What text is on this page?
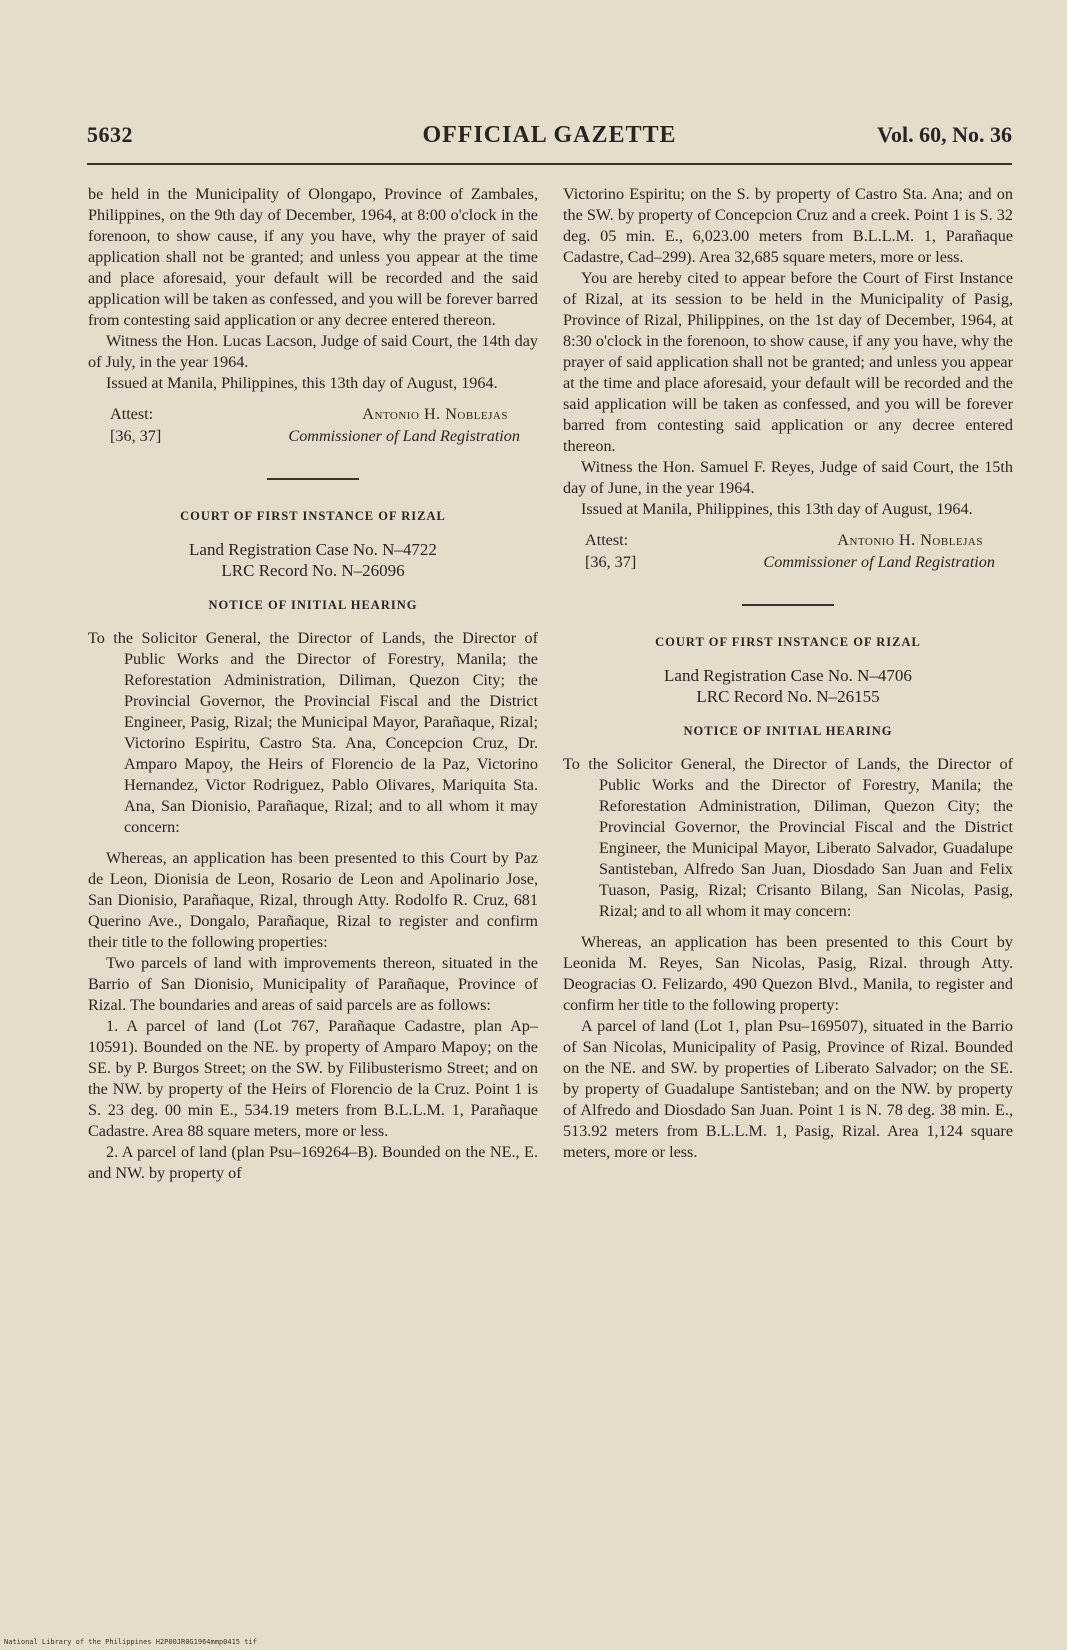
5632	OFFICIAL GAZETTE	Vol. 60, No. 36

be held in the Municipality of Olongapo, Province of Zambales, Philippines, on the 9th day of December, 1964, at 8:00 o'clock in the forenoon, to show cause, if any you have, why the prayer of said application shall not be granted; and unless you appear at the time and place aforesaid, your default will be recorded and the said application will be taken as confessed, and you will be forever barred from contesting said application or any decree entered thereon.

Witness the Hon. Lucas Lacson, Judge of said Court, the 14th day of July, in the year 1964.

Issued at Manila, Philippines, this 13th day of August, 1964.

Attest:	Antonio H. Noblejas
[36, 37]	Commissioner of Land Registration
COURT OF FIRST INSTANCE OF RIZAL
Land Registration Case No. N–4722
LRC Record No. N–26096
NOTICE OF INITIAL HEARING
To the Solicitor General, the Director of Lands, the Director of Public Works and the Director of Forestry, Manila; the Reforestation Administration, Diliman, Quezon City; the Provincial Governor, the Provincial Fiscal and the District Engineer, Pasig, Rizal; the Municipal Mayor, Parañaque, Rizal; Victorino Espiritu, Castro Sta. Ana, Concepcion Cruz, Dr. Amparo Mapoy, the Heirs of Florencio de la Paz, Victorino Hernandez, Victor Rodriguez, Pablo Olivares, Mariquita Sta. Ana, San Dionisio, Parañaque, Rizal; and to all whom it may concern:

Whereas, an application has been presented to this Court by Paz de Leon, Dionisia de Leon, Rosario de Leon and Apolinario Jose, San Dionisio, Parañaque, Rizal, through Atty. Rodolfo R. Cruz, 681 Querino Ave., Dongalo, Parañaque, Rizal to register and confirm their title to the following properties:

Two parcels of land with improvements thereon, situated in the Barrio of San Dionisio, Municipality of Parañaque, Province of Rizal. The boundaries and areas of said parcels are as follows:

1. A parcel of land (Lot 767, Parañaque Cadastre, plan Ap–10591). Bounded on the NE. by property of Amparo Mapoy; on the SE. by P. Burgos Street; on the SW. by Filibusterismo Street; and on the NW. by property of the Heirs of Florencio de la Cruz. Point 1 is S. 23 deg. 00 min E., 534.19 meters from B.L.L.M. 1, Parañaque Cadastre. Area 88 square meters, more or less.

2. A parcel of land (plan Psu–169264–B). Bounded on the NE., E. and NW. by property of

Victorino Espiritu; on the S. by property of Castro Sta. Ana; and on the SW. by property of Concepcion Cruz and a creek. Point 1 is S. 32 deg. 05 min. E., 6,023.00 meters from B.L.L.M. 1, Parañaque Cadastre, Cad–299). Area 32,685 square meters, more or less.

You are hereby cited to appear before the Court of First Instance of Rizal, at its session to be held in the Municipality of Pasig, Province of Rizal, Philippines, on the 1st day of December, 1964, at 8:30 o'clock in the forenoon, to show cause, if any you have, why the prayer of said application shall not be granted; and unless you appear at the time and place aforesaid, your default will be recorded and the said application will be taken as confessed, and you will be forever barred from contesting said application or any decree entered thereon.

Witness the Hon. Samuel F. Reyes, Judge of said Court, the 15th day of June, in the year 1964.

Issued at Manila, Philippines, this 13th day of August, 1964.

Attest:	Antonio H. Noblejas
[36, 37]	Commissioner of Land Registration
COURT OF FIRST INSTANCE OF RIZAL
Land Registration Case No. N–4706
LRC Record No. N–26155
NOTICE OF INITIAL HEARING
To the Solicitor General, the Director of Lands, the Director of Public Works and the Director of Forestry, Manila; the Reforestation Administration, Diliman, Quezon City; the Provincial Governor, the Provincial Fiscal and the District Engineer, the Municipal Mayor, Liberato Salvador, Guadalupe Santisteban, Alfredo San Juan, Diosdado San Juan and Felix Tuason, Pasig, Rizal; Crisanto Bilang, San Nicolas, Pasig, Rizal; and to all whom it may concern:

Whereas, an application has been presented to this Court by Leonida M. Reyes, San Nicolas, Pasig, Rizal. through Atty. Deogracias O. Felizardo, 490 Quezon Blvd., Manila, to register and confirm her title to the following property:

A parcel of land (Lot 1, plan Psu–169507), situated in the Barrio of San Nicolas, Municipality of Pasig, Province of Rizal. Bounded on the NE. and SW. by properties of Liberato Salvador; on the SE. by property of Guadalupe Santisteban; and on the NW. by property of Alfredo and Diosdado San Juan. Point 1 is N. 78 deg. 38 min. E., 513.92 meters from B.L.L.M. 1, Pasig, Rizal. Area 1,124 square meters, more or less.

National Library of the Philippines H2P00JR0G1964mmp0415 tif
